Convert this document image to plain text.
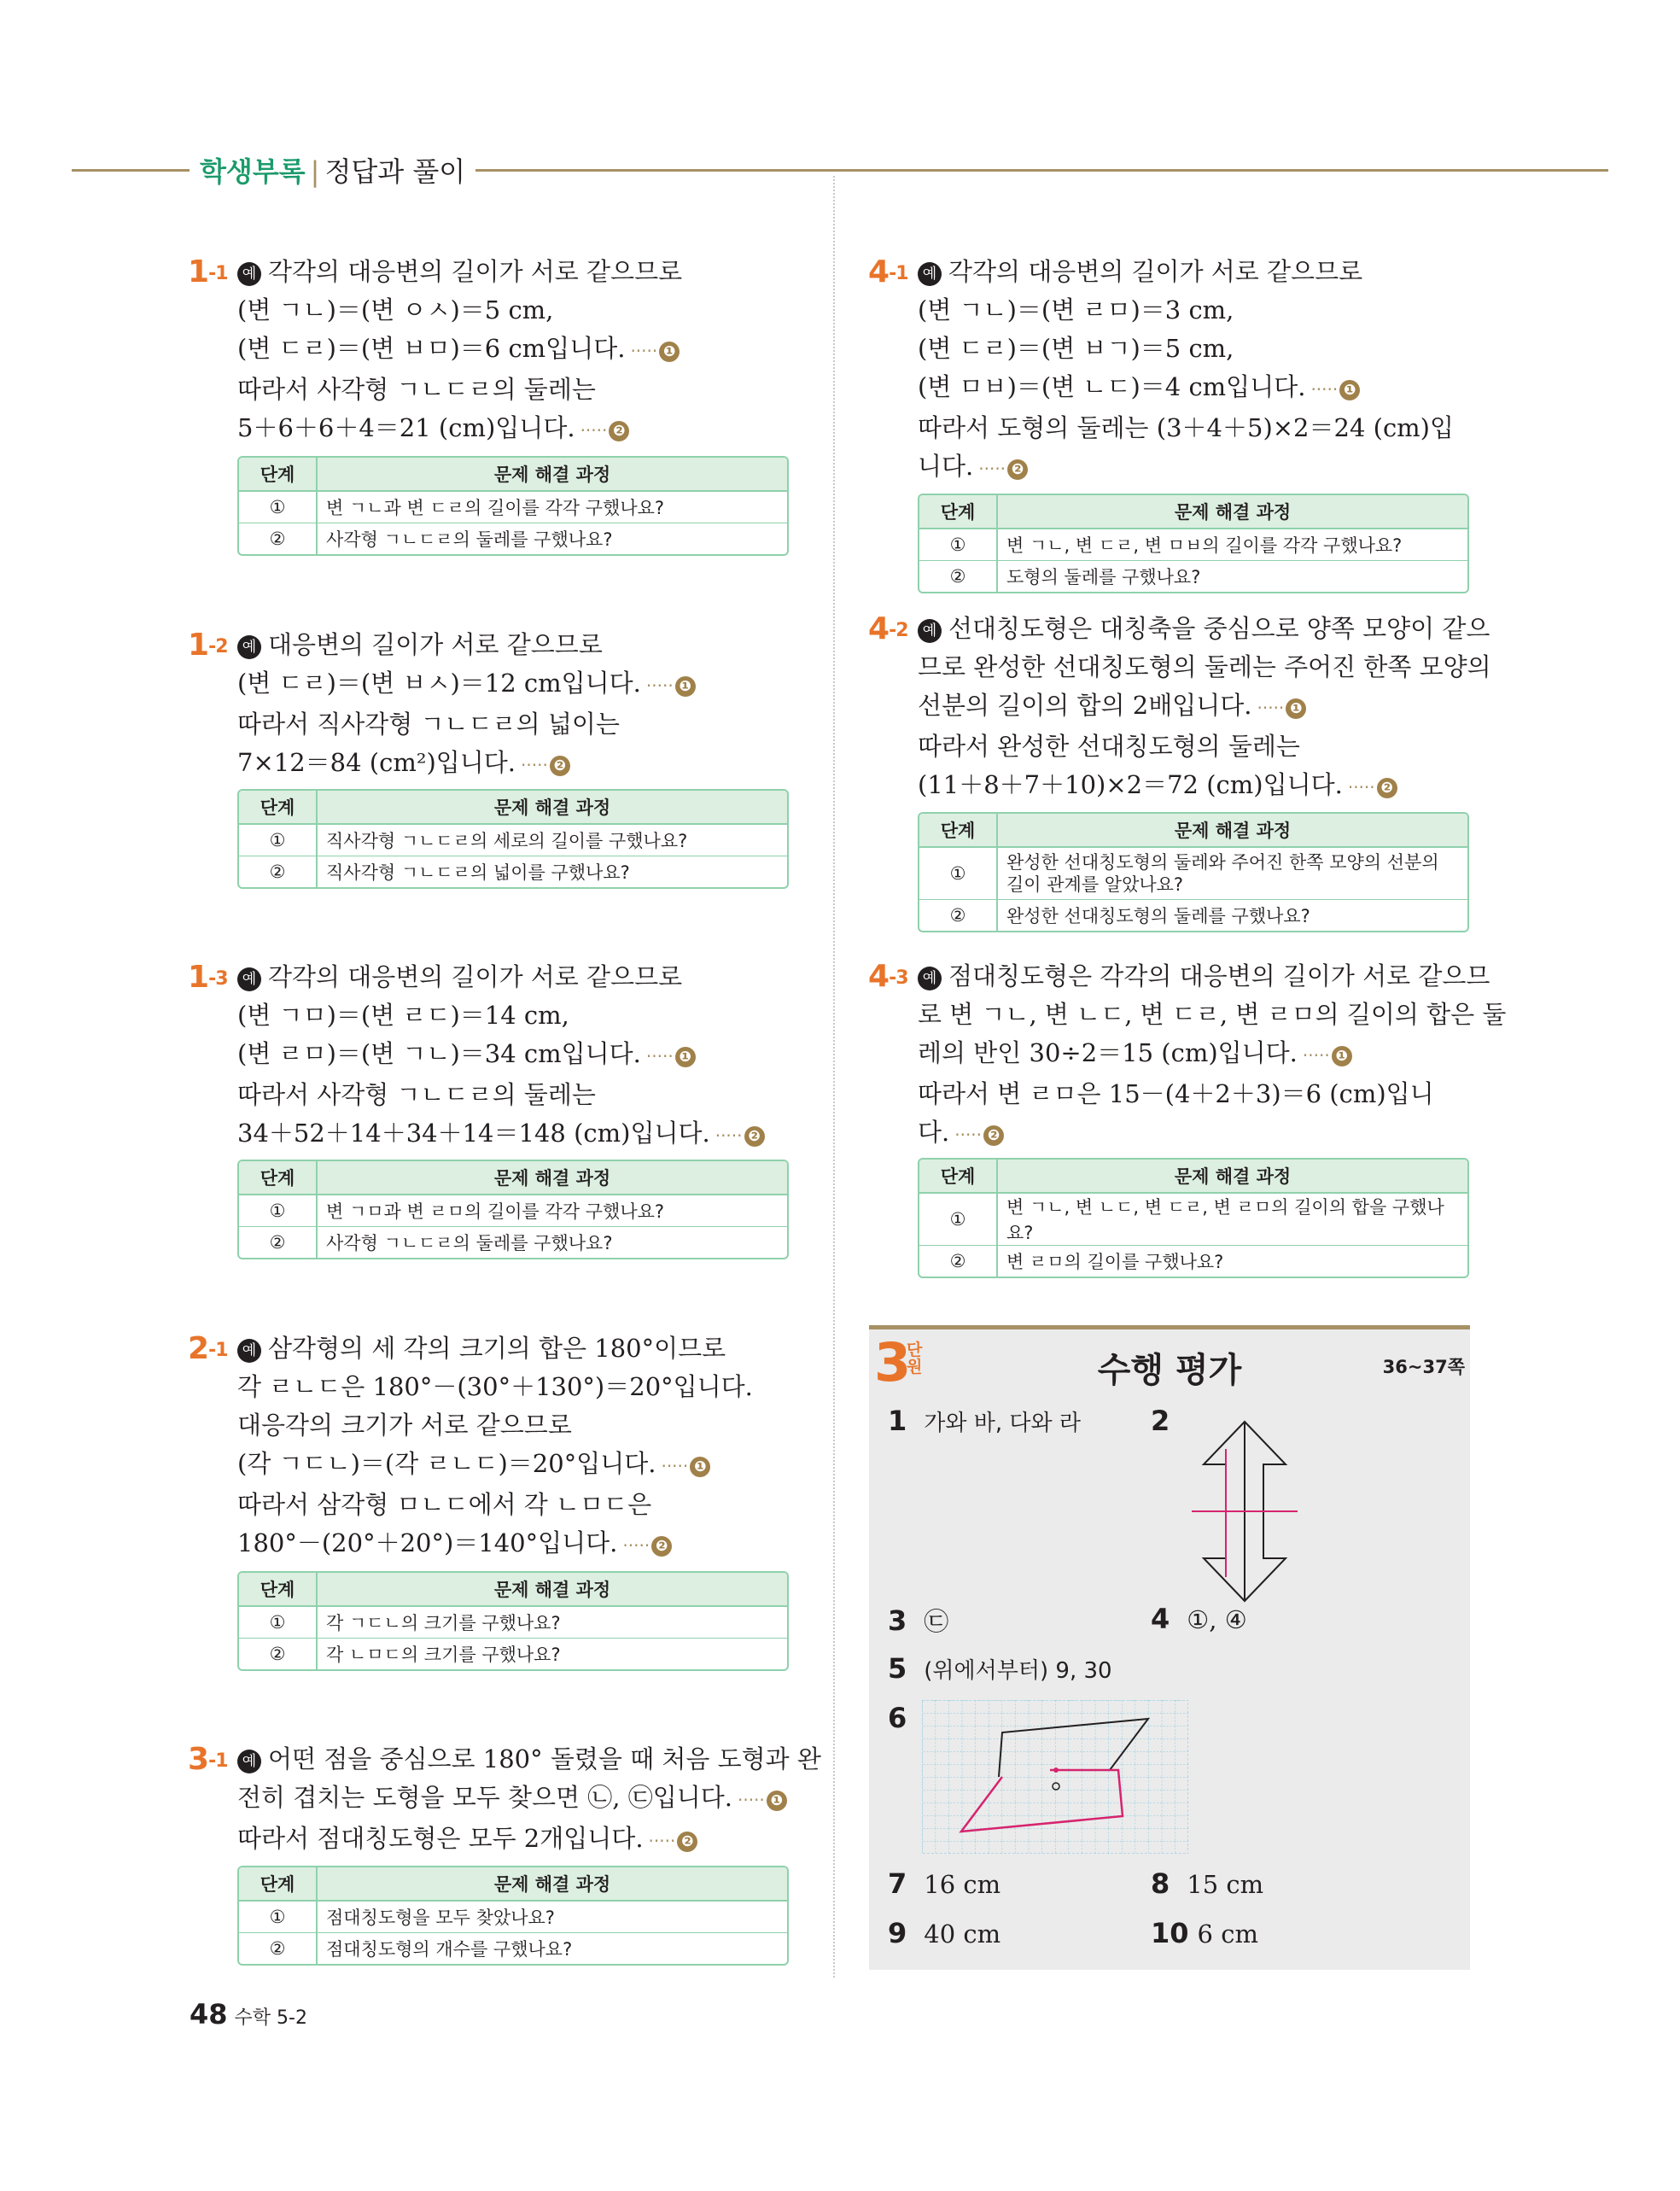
학생부록 | 정답과 풀이
$1^{-1}$	예 각각의 대응변의 길이가 서로 같으므로
(변 ㄱㄴ)＝(변 ㅇㅅ)＝5 cm,
(변 ㄷㄹ)＝(변 ㅂㅁ)＝6 cm입니다. ····· ❶
따라서 사각형 ㄱㄴㄷㄹ의 둘레는
5＋6＋6＋4＝21 (cm)입니다. ····· ❷
단계	문제 해결 과정
①	변 ㄱㄴ과 변 ㄷㄹ의 길이를 각각 구했나요?
②	사각형 ㄱㄴㄷㄹ의 둘레를 구했나요?
$1^{-2}$	예 대응변의 길이가 서로 같으므로
(변 ㄷㄹ)＝(변 ㅂㅅ)＝12 cm입니다. ····· ❶
따라서 직사각형 ㄱㄴㄷㄹ의 넓이는
7×12＝84 (cm²)입니다. ····· ❷
단계	문제 해결 과정
①	직사각형 ㄱㄴㄷㄹ의 세로의 길이를 구했나요?
②	직사각형 ㄱㄴㄷㄹ의 넓이를 구했나요?
$1^{-3}$	예 각각의 대응변의 길이가 서로 같으므로
(변 ㄱㅁ)＝(변 ㄹㄷ)＝14 cm,
(변 ㄹㅁ)＝(변 ㄱㄴ)＝34 cm입니다. ····· ❶
따라서 사각형 ㄱㄴㄷㄹ의 둘레는
34＋52＋14＋34＋14＝148 (cm)입니다. ····· ❷
단계	문제 해결 과정
①	변 ㄱㅁ과 변 ㄹㅁ의 길이를 각각 구했나요?
②	사각형 ㄱㄴㄷㄹ의 둘레를 구했나요?
$2^{-1}$	예 삼각형의 세 각의 크기의 합은 180°이므로
각 ㄹㄴㄷ은 180°－(30°＋130°)＝20°입니다.
대응각의 크기가 서로 같으므로
(각 ㄱㄷㄴ)＝(각 ㄹㄴㄷ)＝20°입니다. ····· ❶
따라서 삼각형 ㅁㄴㄷ에서 각 ㄴㅁㄷ은
180°－(20°＋20°)＝140°입니다. ····· ❷
단계	문제 해결 과정
①	각 ㄱㄷㄴ의 크기를 구했나요?
②	각 ㄴㅁㄷ의 크기를 구했나요?
$3^{-1}$	예 어떤 점을 중심으로 180° 돌렸을 때 처음 도형과 완
전히 겹치는 도형을 모두 찾으면 ㉡, ㉢입니다. ····· ❶
따라서 점대칭도형은 모두 2개입니다. ····· ❷
단계	문제 해결 과정
①	점대칭도형을 모두 찾았나요?
②	점대칭도형의 개수를 구했나요?
$4^{-1}$	예 각각의 대응변의 길이가 서로 같으므로
(변 ㄱㄴ)＝(변 ㄹㅁ)＝3 cm,
(변 ㄷㄹ)＝(변 ㅂㄱ)＝5 cm,
(변 ㅁㅂ)＝(변 ㄴㄷ)＝4 cm입니다. ····· ❶
따라서 도형의 둘레는 (3＋4＋5)×2＝24 (cm)입
니다. ····· ❷
단계	문제 해결 과정
①	변 ㄱㄴ, 변 ㄷㄹ, 변 ㅁㅂ의 길이를 각각 구했나요?
②	도형의 둘레를 구했나요?
$4^{-2}$	예 선대칭도형은 대칭축을 중심으로 양쪽 모양이 같으
므로 완성한 선대칭도형의 둘레는 주어진 한쪽 모양의
선분의 길이의 합의 2배입니다. ····· ❶
따라서 완성한 선대칭도형의 둘레는
(11＋8＋7＋10)×2＝72 (cm)입니다. ····· ❷
단계	문제 해결 과정
①	완성한 선대칭도형의 둘레와 주어진 한쪽 모양의 선분의 길이 관계를 알았나요?
②	완성한 선대칭도형의 둘레를 구했나요?
$4^{-3}$	예 점대칭도형은 각각의 대응변의 길이가 서로 같으므
로 변 ㄱㄴ, 변 ㄴㄷ, 변 ㄷㄹ, 변 ㄹㅁ의 길이의 합은 둘
레의 반인 30÷2＝15 (cm)입니다. ····· ❶
따라서 변 ㄹㅁ은 15－(4＋2＋3)＝6 (cm)입니
다. ····· ❷
단계	문제 해결 과정
①	변 ㄱㄴ, 변 ㄴㄷ, 변 ㄷㄹ, 변 ㄹㅁ의 길이의 합을 구했나요?
②	변 ㄹㅁ의 길이를 구했나요?
3
단원	수행 평가	36~37쪽
1 가와 바, 다와 라	2
3 ㉢	4 ①, ④
5 (위에서부터) 9, 30
6
7 16 cm	8 15 cm
9 40 cm	10 6 cm
48 수학 5-2
